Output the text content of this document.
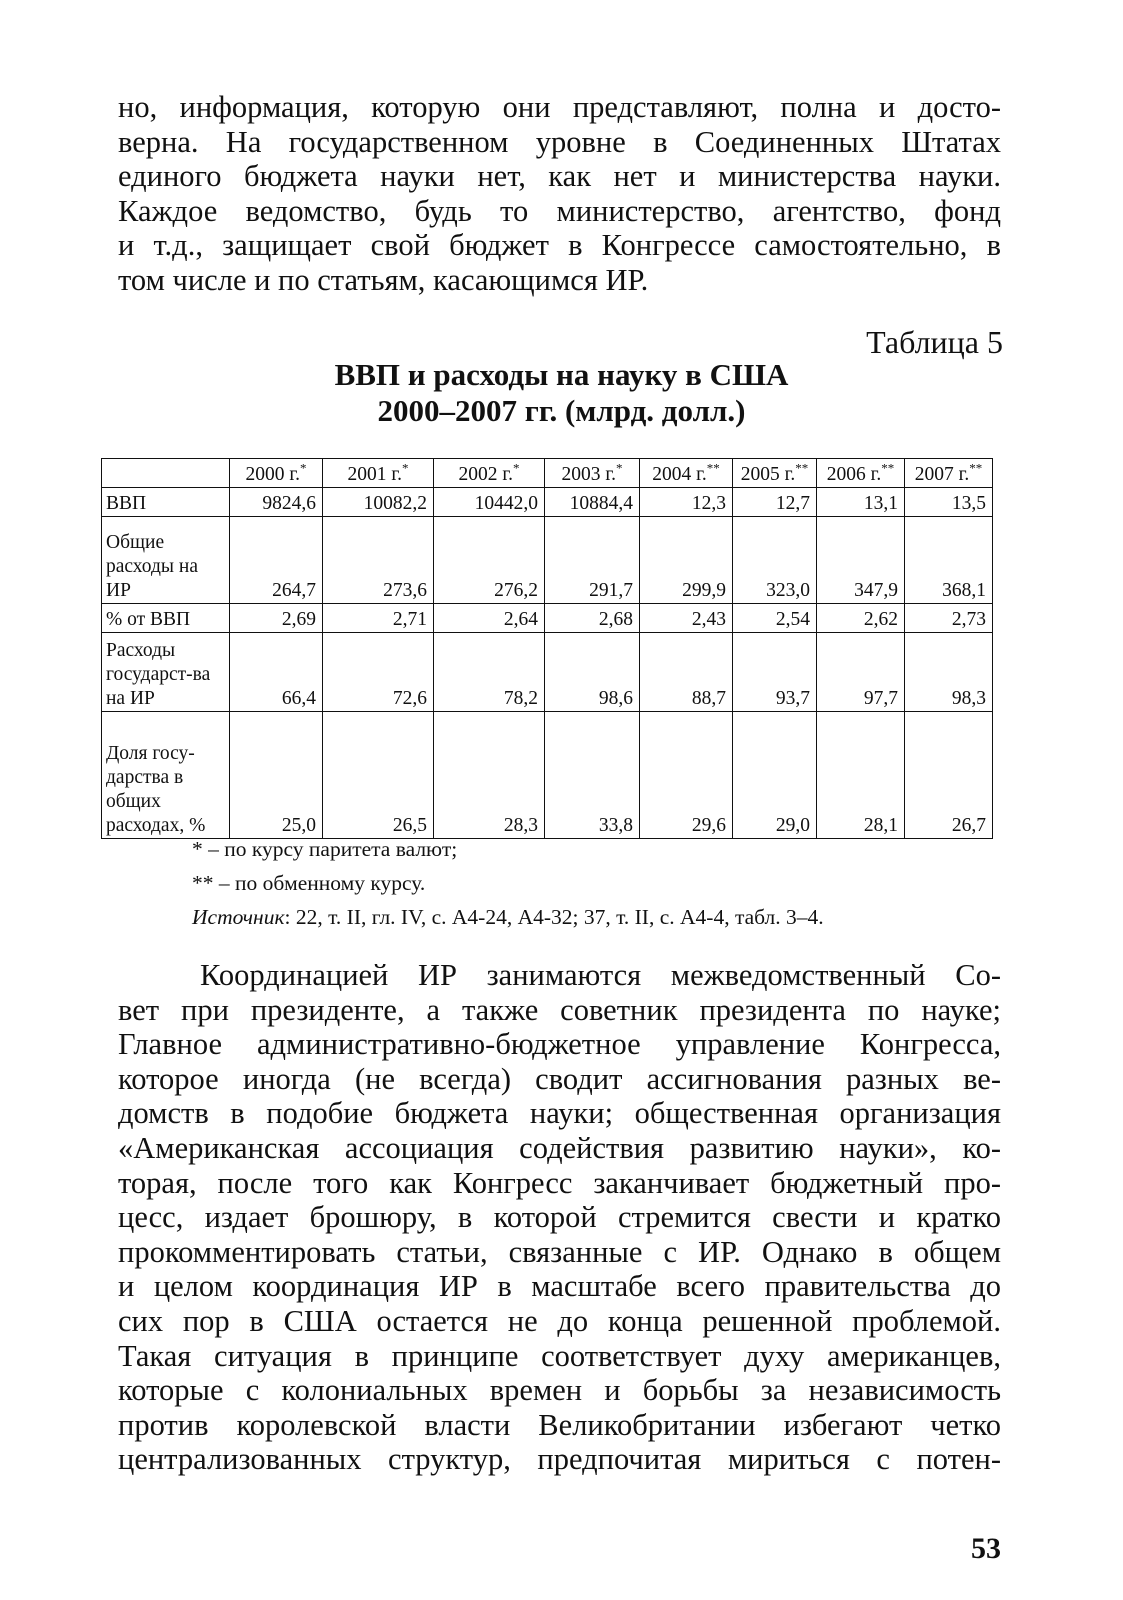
но, информация, которую они представляют, полна и досто-
верна. На государственном уровне в Соединенных Штатах
единого бюджета науки нет, как нет и министерства науки.
Каждое ведомство, будь то министерство, агентство, фонд
и т.д., защищает свой бюджет в Конгрессе самостоятельно, в
том числе и по статьям, касающимся ИР.

Таблица 5

ВВП и расходы на науку в США
2000–2007 гг. (млрд. долл.)
	2000 г.*	2001 г.*	2002 г.*	2003 г.*	2004 г.**	2005 г.**	2006 г.**	2007 г.**
ВВП	9824,6	10082,2	10442,0	10884,4	12,3	12,7	13,1	13,5
Общие расходы на ИР	264,7	273,6	276,2	291,7	299,9	323,0	347,9	368,1
% от ВВП	2,69	2,71	2,64	2,68	2,43	2,54	2,62	2,73
Расходы государст-ва на ИР	66,4	72,6	78,2	98,6	88,7	93,7	97,7	98,3
Доля госу-дарства в общих расходах, %	25,0	26,5	28,3	33,8	29,6	29,0	28,1	26,7
* – по курсу паритета валют;
** – по обменному курсу.
Источник: 22, т. II, гл. IV, с. А4-24, А4-32; 37, т. II, с. А4-4, табл. 3–4.
Координацией ИР занимаются межведомственный Со-
вет при президенте, а также советник президента по науке;
Главное административно-бюджетное управление Конгресса,
которое иногда (не всегда) сводит ассигнования разных ве-
домств в подобие бюджета науки; общественная организация
«Американская ассоциация содействия развитию науки», ко-
торая, после того как Конгресс заканчивает бюджетный про-
цесс, издает брошюру, в которой стремится свести и кратко
прокомментировать статьи, связанные с ИР. Однако в общем
и целом координация ИР в масштабе всего правительства до
сих пор в США остается не до конца решенной проблемой.
Такая ситуация в принципе соответствует духу американцев,
которые с колониальных времен и борьбы за независимость
против королевской власти Великобритании избегают четко
централизованных структур, предпочитая мириться с потен-

53
